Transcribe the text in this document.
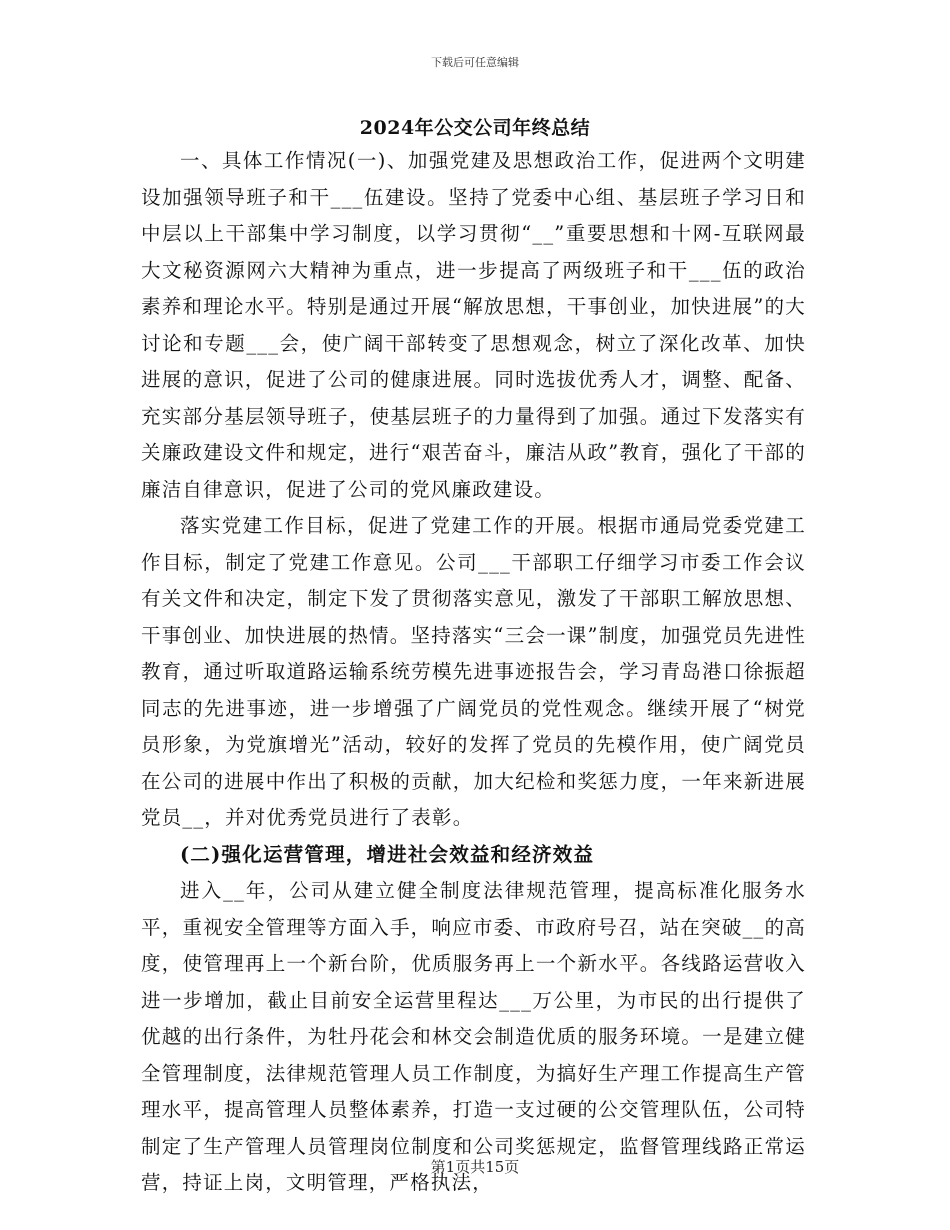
下载后可任意编辑
2024年公交公司年终总结

一、具体工作情况(一)、加强党建及思想政治工作，促进两个文明建设加强领导班子和干___伍建设。坚持了党委中心组、基层班子学习日和中层以上干部集中学习制度，以学习贯彻“__”重要思想和十网-互联网最大文秘资源网六大精神为重点，进一步提高了两级班子和干___伍的政治素养和理论水平。特别是通过开展“解放思想，干事创业，加快进展”的大讨论和专题___会，使广阔干部转变了思想观念，树立了深化改革、加快进展的意识，促进了公司的健康进展。同时选拔优秀人才，调整、配备、充实部分基层领导班子，使基层班子的力量得到了加强。通过下发落实有关廉政建设文件和规定，进行“艰苦奋斗，廉洁从政”教育，强化了干部的廉洁自律意识，促进了公司的党风廉政建设。

落实党建工作目标，促进了党建工作的开展。根据市通局党委党建工作目标，制定了党建工作意见。公司___干部职工仔细学习市委工作会议有关文件和决定，制定下发了贯彻落实意见，激发了干部职工解放思想、干事创业、加快进展的热情。坚持落实“三会一课”制度，加强党员先进性教育，通过听取道路运输系统劳模先进事迹报告会，学习青岛港口徐振超同志的先进事迹，进一步增强了广阔党员的党性观念。继续开展了“树党员形象，为党旗增光”活动，较好的发挥了党员的先模作用，使广阔党员在公司的进展中作出了积极的贡献，加大纪检和奖惩力度，一年来新进展党员__，并对优秀党员进行了表彰。

(二)强化运营管理，增进社会效益和经济效益

进入__年，公司从建立健全制度法律规范管理，提高标准化服务水平，重视安全管理等方面入手，响应市委、市政府号召，站在突破__的高度，使管理再上一个新台阶，优质服务再上一个新水平。各线路运营收入进一步增加，截止目前安全运营里程达___万公里，为市民的出行提供了优越的出行条件，为牡丹花会和林交会制造优质的服务环境。一是建立健全管理制度，法律规范管理人员工作制度，为搞好生产理工作提高生产管理水平，提高管理人员整体素养，打造一支过硬的公交管理队伍，公司特制定了生产管理人员管理岗位制度和公司奖惩规定，监督管理线路正常运营，持证上岗，文明管理，严格执法，

第1页共15页
